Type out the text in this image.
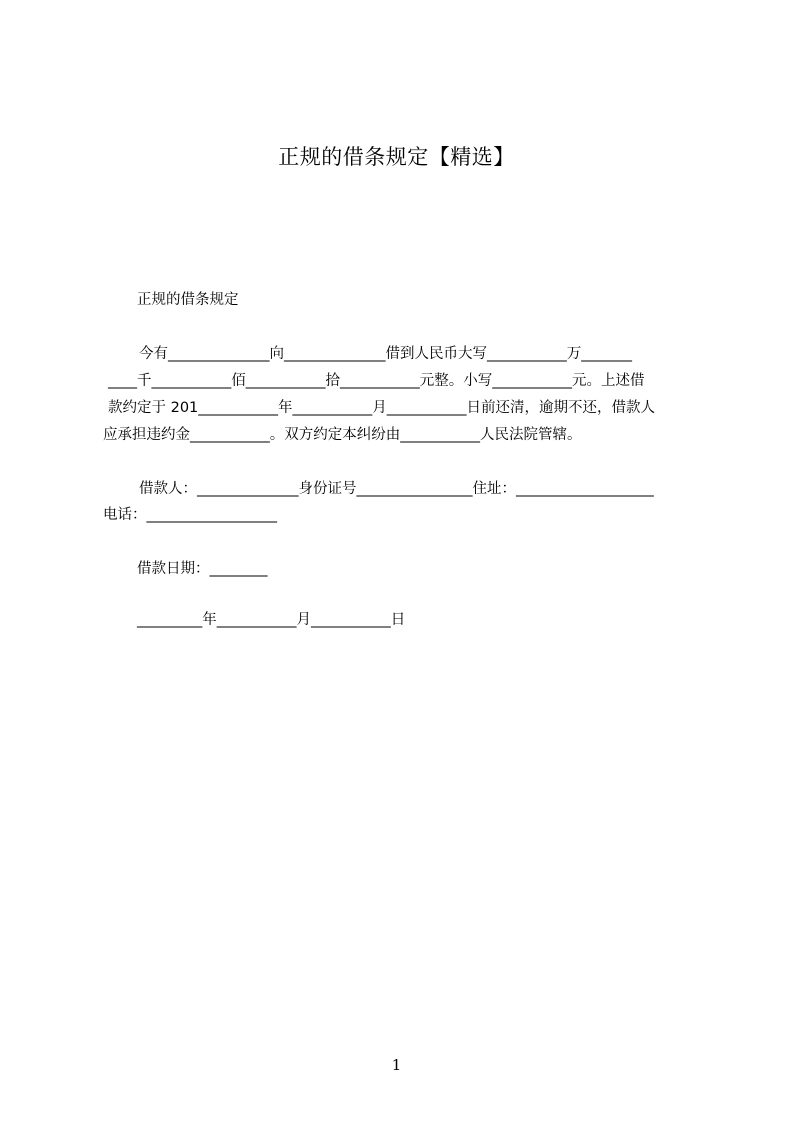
正规的借条规定【精选】
正规的借条规定
今有______________向______________借到人民币大写___________万_______
____千___________佰___________拾___________元整。小写___________元。上述借
款约定于 201___________年___________月___________日前还清，逾期不还，借款人
应承担违约金___________。双方约定本纠纷由___________人民法院管辖。
借款人：______________身份证号________________住址：___________________
电话：__________________
借款日期：________
_________年___________月___________日
1
